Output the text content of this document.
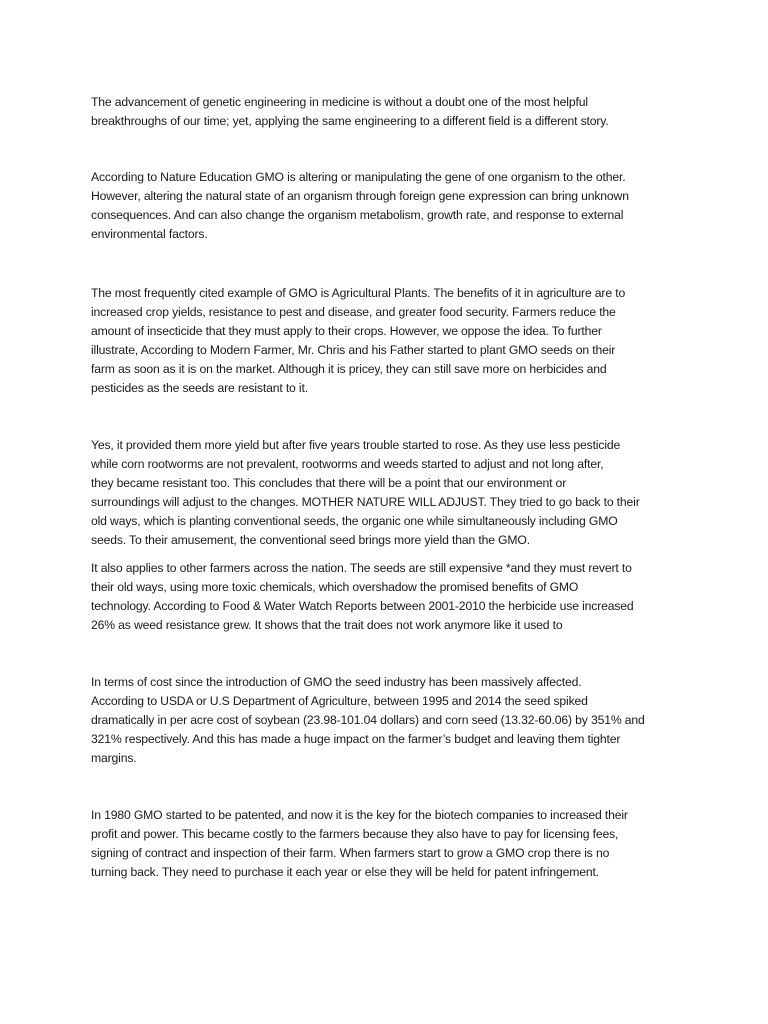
The advancement of genetic engineering in medicine is without a doubt one of the most helpful
breakthroughs of our time; yet, applying the same engineering to a different field is a different story.

According to Nature Education GMO is altering or manipulating the gene of one organism to the other.
However, altering the natural state of an organism through foreign gene expression can bring unknown
consequences. And can also change the organism metabolism, growth rate, and response to external
environmental factors.

The most frequently cited example of GMO is Agricultural Plants. The benefits of it in agriculture are to
increased crop yields, resistance to pest and disease, and greater food security. Farmers reduce the
amount of insecticide that they must apply to their crops. However, we oppose the idea. To further
illustrate, According to Modern Farmer, Mr. Chris and his Father started to plant GMO seeds on their
farm as soon as it is on the market. Although it is pricey, they can still save more on herbicides and
pesticides as the seeds are resistant to it.

Yes, it provided them more yield but after five years trouble started to rose. As they use less pesticide
while corn rootworms are not prevalent, rootworms and weeds started to adjust and not long after,
they became resistant too. This concludes that there will be a point that our environment or
surroundings will adjust to the changes. MOTHER NATURE WILL ADJUST. They tried to go back to their
old ways, which is planting conventional seeds, the organic one while simultaneously including GMO
seeds. To their amusement, the conventional seed brings more yield than the GMO.

It also applies to other farmers across the nation. The seeds are still expensive *and they must revert to
their old ways, using more toxic chemicals, which overshadow the promised benefits of GMO
technology. According to Food & Water Watch Reports between 2001-2010 the herbicide use increased
26% as weed resistance grew. It shows that the trait does not work anymore like it used to

In terms of cost since the introduction of GMO the seed industry has been massively affected.
According to USDA or U.S Department of Agriculture, between 1995 and 2014 the seed spiked
dramatically in per acre cost of soybean (23.98-101.04 dollars) and corn seed (13.32-60.06) by 351% and
321% respectively. And this has made a huge impact on the farmer’s budget and leaving them tighter
margins.

In 1980 GMO started to be patented, and now it is the key for the biotech companies to increased their
profit and power. This became costly to the farmers because they also have to pay for licensing fees,
signing of contract and inspection of their farm. When farmers start to grow a GMO crop there is no
turning back. They need to purchase it each year or else they will be held for patent infringement.
